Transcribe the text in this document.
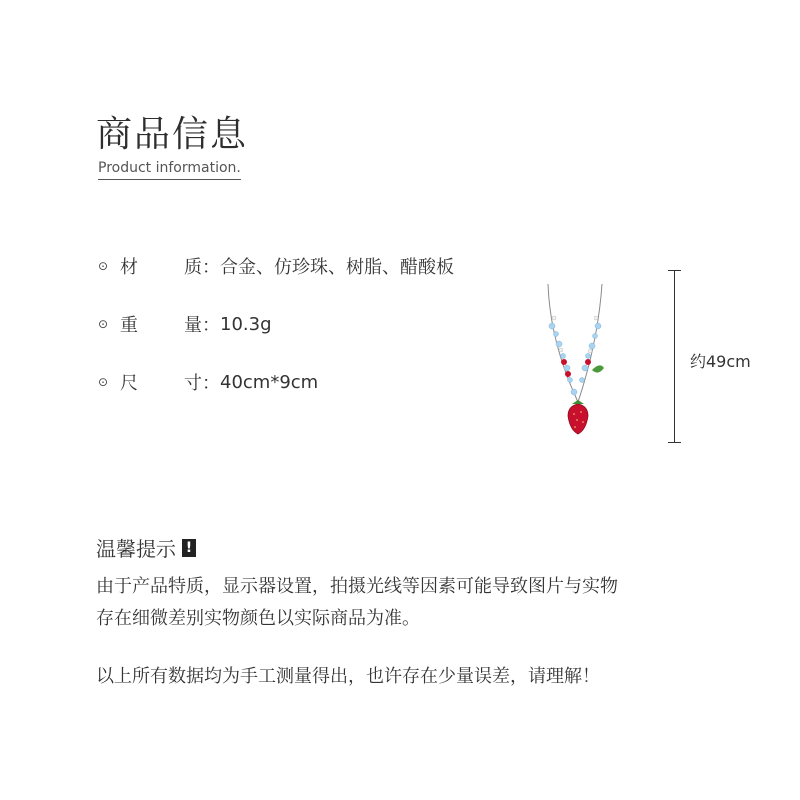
商品信息
Product information.
⊙ 材	质 ： 合金、仿珍珠、树脂、醋酸板
⊙ 重	量 ： 10.3g
⊙ 尺	寸 ： 40cm*9cm
约49cm
温馨提示 !
由于产品特质，显示器设置，拍摄光线等因素可能导致图片与实物
存在细微差别实物颜色以实际商品为准。
以上所有数据均为手工测量得出，也许存在少量误差，请理解！
